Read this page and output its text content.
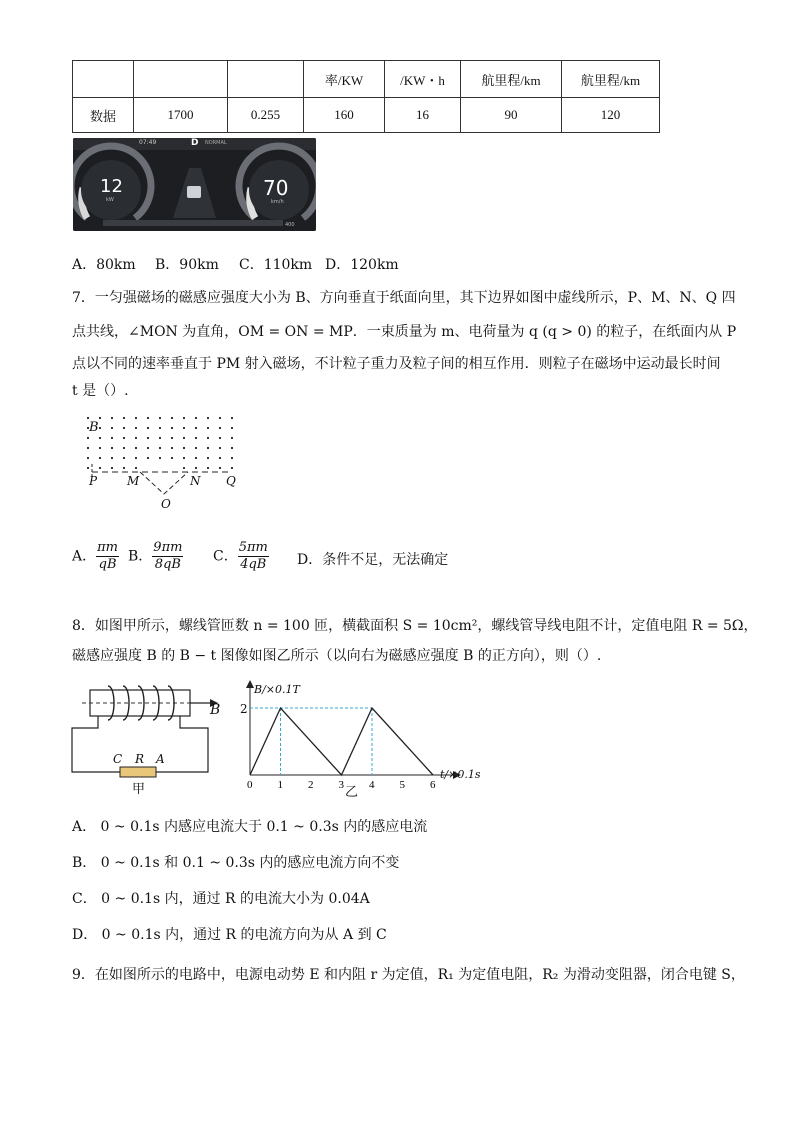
			率/KW	/KW・h	航里程/km	航里程/km
数据	1700	0.255	160	16	90	120
07:49	D NORMAL
12
kW	70
km/h
400
A．80km B．90km C．110km D．120km
7．一匀强磁场的磁感应强度大小为 B、方向垂直于纸面向里，其下边界如图中虚线所示，P、M、N、Q 四
点共线，∠MON 为直角，OM = ON = MP．一束质量为 m、电荷量为 q (q > 0) 的粒子，在纸面内从 P
点以不同的速率垂直于 PM 射入磁场，不计粒子重力及粒子间的相互作用．则粒子在磁场中运动最长时间
t 是（）.
B
P M	N Q
O
A． $\frac{\pi m}{qB}$ B． $\frac{9\pi m}{8qB}$ C． $\frac{5\pi m}{4qB}$ D．条件不足，无法确定
8．如图甲所示，螺线管匝数 n = 100 匝，横截面积 S = 10cm²，螺线管导线电阻不计，定值电阻 R = 5Ω，
磁感应强度 B 的 B − t 图像如图乙所示（以向右为磁感应强度 B 的正方向），则（）.
B
C R A
甲	0 1 2 3 4 5 6
B/×0.1T
2
t/×0.1s
乙
A． 0 ~ 0.1s 内感应电流大于 0.1 ~ 0.3s 内的感应电流
B． 0 ~ 0.1s 和 0.1 ~ 0.3s 内的感应电流方向不变
C． 0 ~ 0.1s 内，通过 R 的电流大小为 0.04A
D． 0 ~ 0.1s 内，通过 R 的电流方向为从 A 到 C
9．在如图所示的电路中，电源电动势 E 和内阻 r 为定值，R₁ 为定值电阻，R₂ 为滑动变阻器，闭合电键 S，
